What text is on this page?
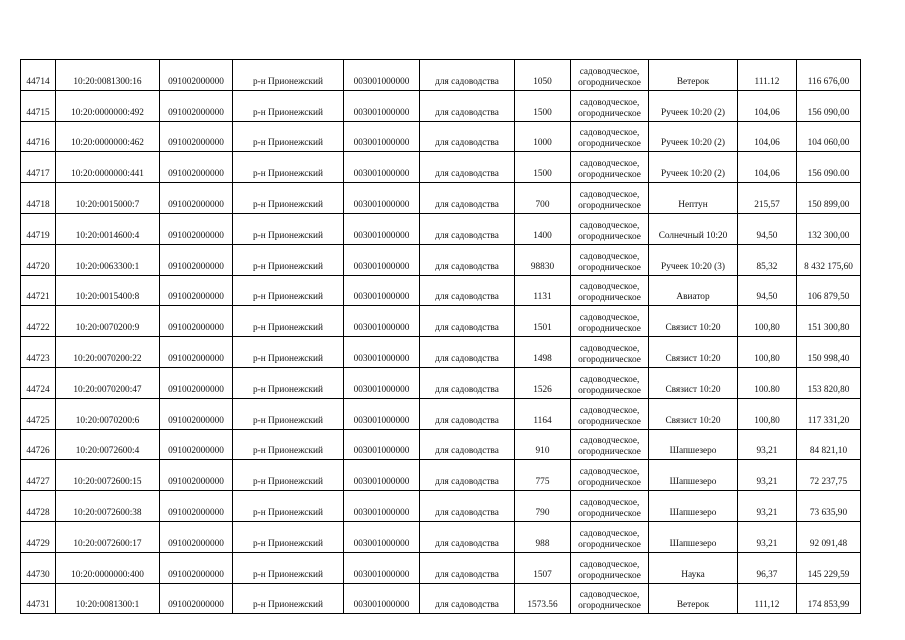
44714	10:20:0081300:16	091002000000	р-н Прионежский	003001000000	для садоводства	1050	садоводческое,
огородническое	Ветерок	111.12	116 676,00
44715	10:20:0000000:492	091002000000	р-н Прионежский	003001000000	для садоводства	1500	садоводческое,
огородническое	Ручеек 10:20 (2)	104,06	156 090,00
44716	10:20:0000000:462	091002000000	р-н Прионежский	003001000000	для садоводства	1000	садоводческое,
огородническое	Ручеек 10:20 (2)	104,06	104 060,00
44717	10:20:0000000:441	091002000000	р-н Прионежский	003001000000	для садоводства	1500	садоводческое,
огородническое	Ручеек 10:20 (2)	104,06	156 090.00
44718	10:20:0015000:7	091002000000	р-н Прионежский	003001000000	для садоводства	700	садоводческое,
огородническое	Нептун	215,57	150 899,00
44719	10:20:0014600:4	091002000000	р-н Прионежский	003001000000	для садоводства	1400	садоводческое,
огородническое	Солнечный 10:20	94,50	132 300,00
44720	10:20:0063300:1	091002000000	р-н Прионежский	003001000000	для садоводства	98830	садоводческое,
огородническое	Ручеек 10:20 (3)	85,32	8 432 175,60
44721	10:20:0015400:8	091002000000	р-н Прионежский	003001000000	для садоводства	1131	садоводческое,
огородническое	Авиатор	94,50	106 879,50
44722	10:20:0070200:9	091002000000	р-н Прионежский	003001000000	для садоводства	1501	садоводческое,
огородническое	Связист 10:20	100,80	151 300,80
44723	10:20:0070200:22	091002000000	р-н Прионежский	003001000000	для садоводства	1498	садоводческое,
огородническое	Связист 10:20	100,80	150 998,40
44724	10:20:0070200:47	091002000000	р-н Прионежский	003001000000	для садоводства	1526	садоводческое,
огородническое	Связист 10:20	100.80	153 820,80
44725	10:20:0070200:6	091002000000	р-н Прионежский	003001000000	для садоводства	1164	садоводческое,
огородническое	Связист 10:20	100,80	117 331,20
44726	10:20:0072600:4	091002000000	р-н Прионежский	003001000000	для садоводства	910	садоводческое,
огородническое	Шапшезеро	93,21	84 821,10
44727	10:20:0072600:15	091002000000	р-н Прионежский	003001000000	для садоводства	775	садоводческое,
огородническое	Шапшезеро	93,21	72 237,75
44728	10:20:0072600:38	091002000000	р-н Прионежский	003001000000	для садоводства	790	садоводческое,
огородническое	Шапшезеро	93,21	73 635,90
44729	10:20:0072600:17	091002000000	р-н Прионежский	003001000000	для садоводства	988	садоводческое,
огородническое	Шапшезеро	93,21	92 091,48
44730	10:20:0000000:400	091002000000	р-н Прионежский	003001000000	для садоводства	1507	садоводческое,
огородническое	Наука	96,37	145 229,59
44731	10:20:0081300:1	091002000000	р-н Прионежский	003001000000	для садоводства	1573.56	садоводческое,
огородническое	Ветерок	111,12	174 853,99
